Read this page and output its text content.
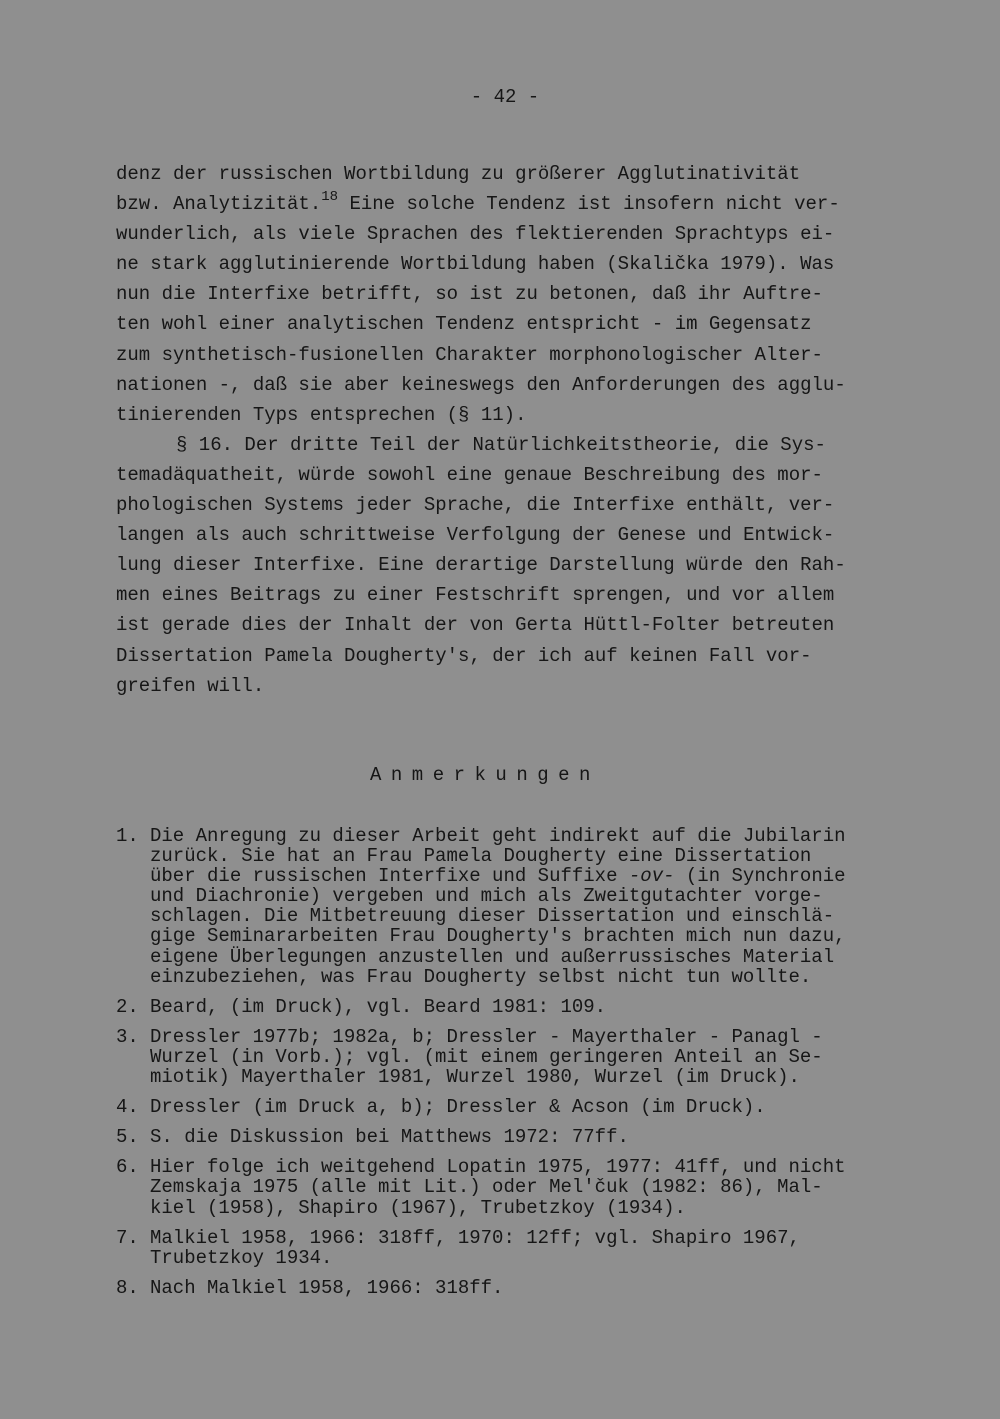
- 42 -
denz der russischen Wortbildung zu größerer Agglutinativität
bzw. Analytizität.$^{18}$ Eine solche Tendenz ist insofern nicht ver-
wunderlich, als viele Sprachen des flektierenden Sprachtyps ei-
ne stark agglutinierende Wortbildung haben (Skalička 1979). Was
nun die Interfixe betrifft, so ist zu betonen, daß ihr Auftre-
ten wohl einer analytischen Tendenz entspricht - im Gegensatz
zum synthetisch-fusionellen Charakter morphonologischer Alter-
nationen -, daß sie aber keineswegs den Anforderungen des agglu-
tinierenden Typs entsprechen (§ 11).
§ 16. Der dritte Teil der Natürlichkeitstheorie, die Sys-
temadäquatheit, würde sowohl eine genaue Beschreibung des mor-
phologischen Systems jeder Sprache, die Interfixe enthält, ver-
langen als auch schrittweise Verfolgung der Genese und Entwick-
lung dieser Interfixe. Eine derartige Darstellung würde den Rah-
men eines Beitrags zu einer Festschrift sprengen, und vor allem
ist gerade dies der Inhalt der von Gerta Hüttl-Folter betreuten
Dissertation Pamela Dougherty's, der ich auf keinen Fall vor-
greifen will.
Anmerkungen
1. Die Anregung zu dieser Arbeit geht indirekt auf die Jubilarin
zurück. Sie hat an Frau Pamela Dougherty eine Dissertation
über die russischen Interfixe und Suffixe -ov- (in Synchronie
und Diachronie) vergeben und mich als Zweitgutachter vorge-
schlagen. Die Mitbetreuung dieser Dissertation und einschlä-
gige Seminararbeiten Frau Dougherty's brachten mich nun dazu,
eigene Überlegungen anzustellen und außerrussisches Material
einzubeziehen, was Frau Dougherty selbst nicht tun wollte.
2. Beard, (im Druck), vgl. Beard 1981: 109.
3. Dressler 1977b; 1982a, b; Dressler - Mayerthaler - Panagl -
Wurzel (in Vorb.); vgl. (mit einem geringeren Anteil an Se-
miotik) Mayerthaler 1981, Wurzel 1980, Wurzel (im Druck).
4. Dressler (im Druck a, b); Dressler & Acson (im Druck).
5. S. die Diskussion bei Matthews 1972: 77ff.
6. Hier folge ich weitgehend Lopatin 1975, 1977: 41ff, und nicht
Zemskaja 1975 (alle mit Lit.) oder Mel'čuk (1982: 86), Mal-
kiel (1958), Shapiro (1967), Trubetzkoy (1934).
7. Malkiel 1958, 1966: 318ff, 1970: 12ff; vgl. Shapiro 1967,
Trubetzkoy 1934.
8. Nach Malkiel 1958, 1966: 318ff.
